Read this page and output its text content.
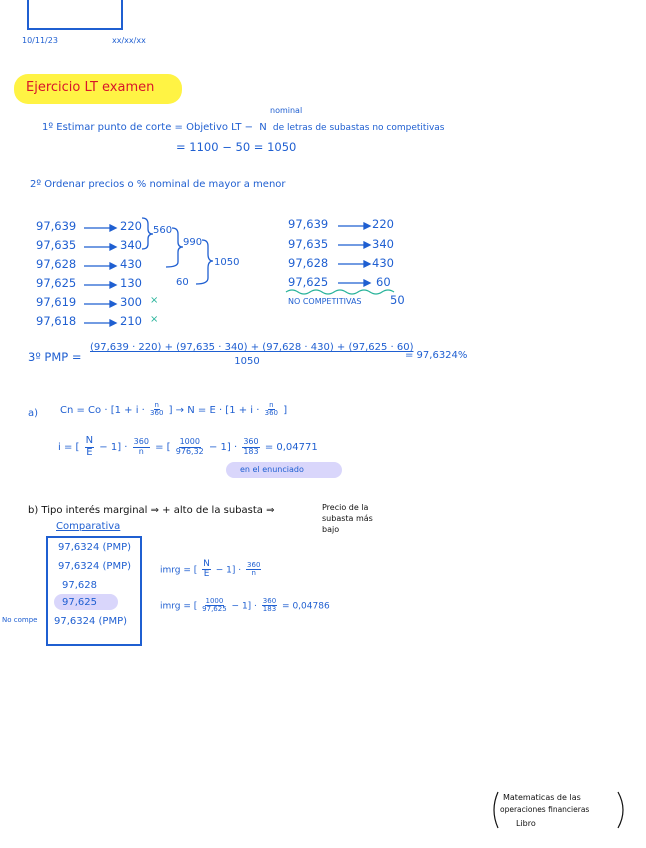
10/11/23	xx/xx/xx
Ejercicio LT examen
nominal
1º Estimar punto de corte = Objetivo LT − N de letras de subastas no competitivas
= 1100 − 50 = 1050
2º Ordenar precios o % nominal de mayor a menor
97,639
97,635
97,628
97,625
97,619
97,618
220
340
430
130
300
210
560
990
1050
60
×
×
97,639
97,635
97,628
97,625
220
340
430
60
NO COMPETITIVAS 50
3º PMP =
(97,639 · 220) + (97,635 · 340) + (97,628 · 430) + (97,625 · 60)
1050
= 97,6324%
a) $Cn = Co \cdot [1 + i \cdot \frac{n}{360}$ ] → $N = E \cdot [1 + i \cdot \frac{n}{360}$ ]
i = [ $\frac{N}{E} - 1] \cdot \frac{360}{n}$ = [ $\frac{1000}{976,32} - 1] \cdot \frac{360}{183} = 0,04771$
en el enunciado
b) Tipo interés marginal ⇒ + alto de la subasta ⇒	Precio de la
subasta más
bajo
Comparativa
97,6324 (PMP)
97,6324 (PMP)
97,628
97,625
97,6324 (PMP)
No compe
imrg = [ $\frac{N}{E} - 1] \cdot \frac{360}{n}$
imrg = [ $\frac{1000}{97,625} - 1] \cdot \frac{360}{183} = 0,04786$
Matematicas de las
operaciones financieras
Libro
